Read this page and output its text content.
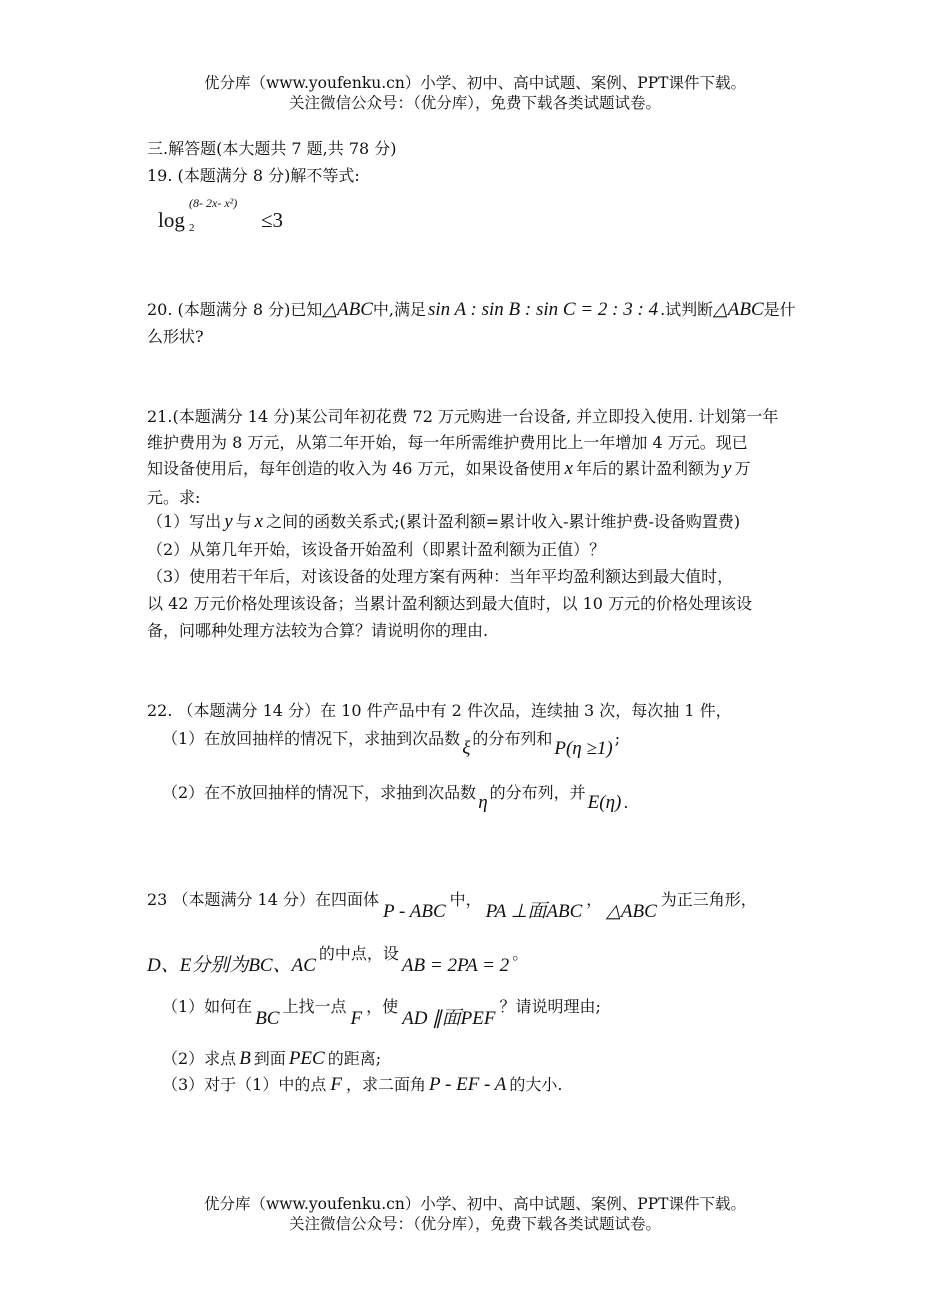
优分库（www.youfenku.cn）小学、初中、高中试题、案例、PPT课件下载。
关注微信公众号：（优分库），免费下载各类试题试卷。
三.解答题(本大题共 7 题,共 78 分)
19. (本题满分 8 分)解不等式:
log 2
(8- 2x- x²)
≤3
20. (本题满分 8 分)已知△ABC中,满足 sin A : sin B : sin C = 2 : 3 : 4 .试判断△ABC是什
么形状?
21.(本题满分 14 分)某公司年初花费 72 万元购进一台设备, 并立即投入使用. 计划第一年
维护费用为 8 万元，从第二年开始，每一年所需维护费用比上一年增加 4 万元。现已
知设备使用后，每年创造的收入为 46 万元，如果设备使用 x 年后的累计盈利额为 y 万
元。求:
（1）写出 y 与 x 之间的函数关系式;(累计盈利额=累计收入-累计维护费-设备购置费)
（2）从第几年开始，该设备开始盈利（即累计盈利额为正值）？
（3）使用若干年后，对该设备的处理方案有两种：当年平均盈利额达到最大值时，
以 42 万元价格处理该设备；当累计盈利额达到最大值时，以 10 万元的价格处理该设
备，问哪种处理方法较为合算？请说明你的理由.
22. （本题满分 14 分）在 10 件产品中有 2 件次品，连续抽 3 次，每次抽 1 件，
（1）在放回抽样的情况下，求抽到次品数 ξ 的分布列和 P(η ≥1) ;
（2）在不放回抽样的情况下，求抽到次品数 η 的分布列，并 E(η) .
23 （本题满分 14 分）在四面体P - ABC中，PA ⊥面ABC，△ABC为正三角形，
D、E分别为BC、AC的中点，设AB = 2PA = 2。
（1）如何在BC上找一点F，使AD ∥面PEF？请说明理由;
（2）求点 B 到面 PEC 的距离;
（3）对于（1）中的点 F ，求二面角 P - EF - A 的大小.
优分库（www.youfenku.cn）小学、初中、高中试题、案例、PPT课件下载。
关注微信公众号：（优分库），免费下载各类试题试卷。
